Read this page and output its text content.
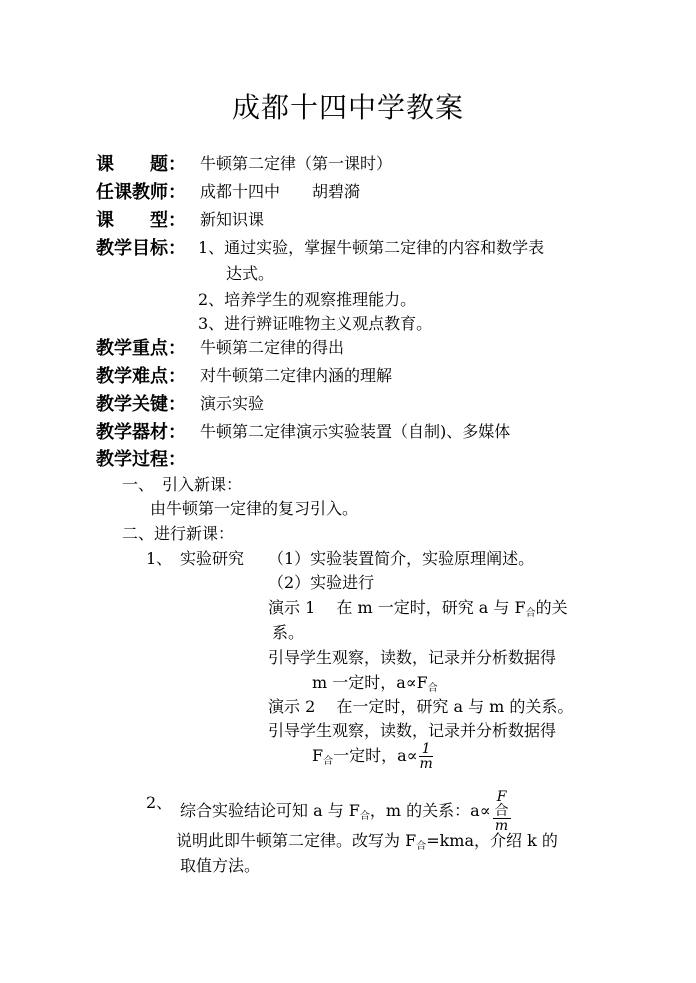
成都十四中学教案
课　　题： 牛顿第二定律（第一课时）
任课教师： 成都十四中　　胡碧漪
课　　型： 新知识课
教学目标： 1、通过实验，掌握牛顿第二定律的内容和数学表
达式。
2、培养学生的观察推理能力。
3、进行辨证唯物主义观点教育。
教学重点： 牛顿第二定律的得出
教学难点： 对牛顿第二定律内涵的理解
教学关键： 演示实验
教学器材： 牛顿第二定律演示实验装置（自制)、多媒体
教学过程：
一、　引入新课：
由牛顿第一定律的复习引入。
二、进行新课：
1、 实验研究 （1）实验装置简介，实验原理阐述。
（2）实验进行
演示 1　 在 m 一定时，研究 a 与 $F_合$的关
系。
引导学生观察，读数，记录并分析数据得
m 一定时，$a\propto F_合$
演示 2　 在一定时，研究 a 与 m 的关系。
引导学生观察，读数，记录并分析数据得
$F_合$一定时，$a\propto \frac{1}{m}$
2、 综合实验结论可知 a 与 $F_合$，m 的关系：a∝ F
合
m
说明此即牛顿第二定律。改写为 $F_合=kma$，介绍 k 的
取值方法。
